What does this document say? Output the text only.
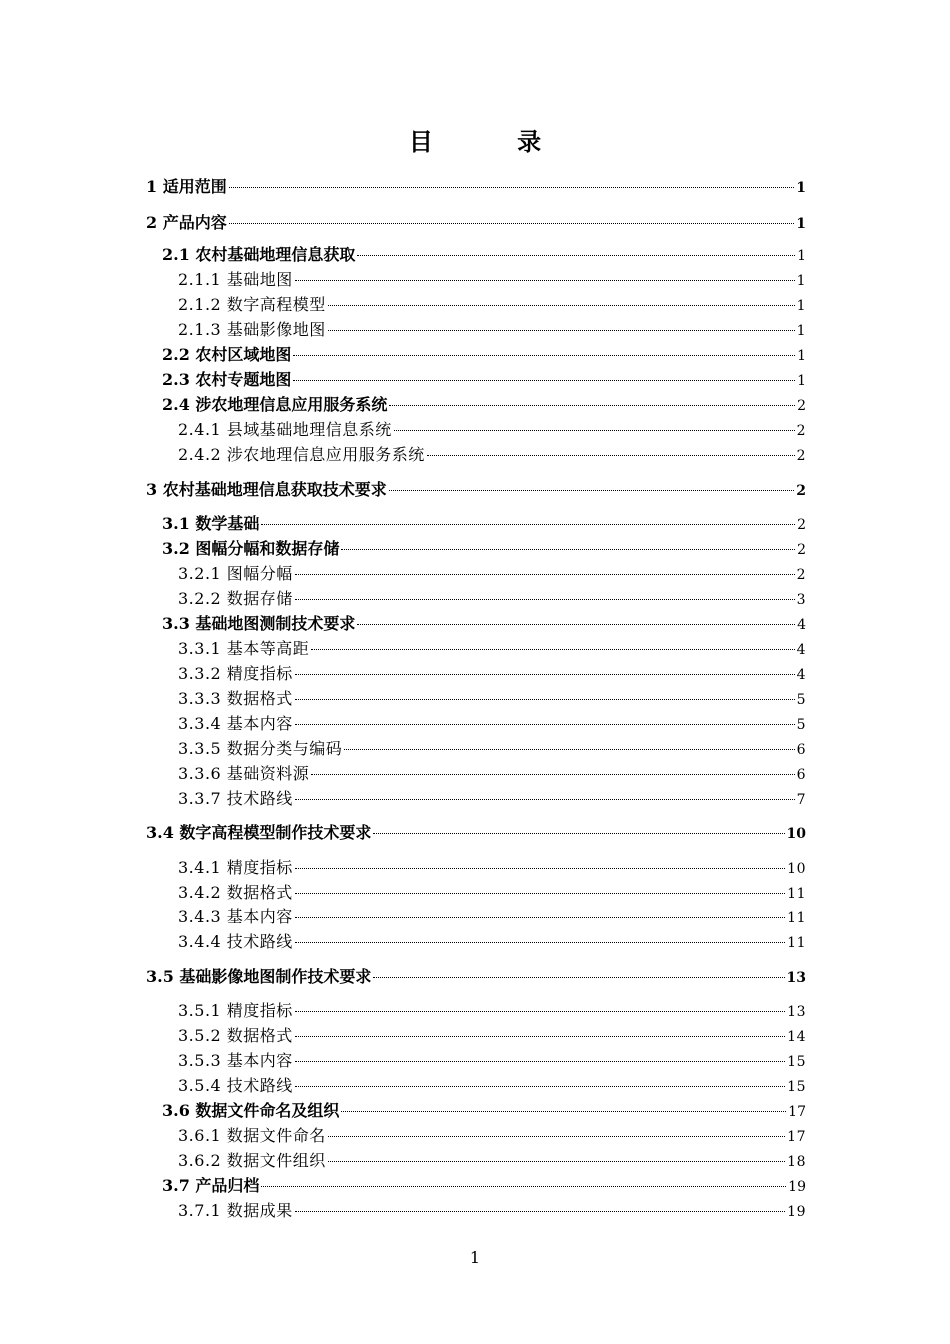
目 录
1 适用范围	1
2 产品内容	1
2.1 农村基础地理信息获取	1
2.1.1 基础地图	1
2.1.2 数字高程模型	1
2.1.3 基础影像地图	1
2.2 农村区域地图	1
2.3 农村专题地图	1
2.4 涉农地理信息应用服务系统	2
2.4.1 县域基础地理信息系统	2
2.4.2 涉农地理信息应用服务系统	2
3 农村基础地理信息获取技术要求	2
3.1 数学基础	2
3.2 图幅分幅和数据存储	2
3.2.1 图幅分幅	2
3.2.2 数据存储	3
3.3 基础地图测制技术要求	4
3.3.1 基本等高距	4
3.3.2 精度指标	4
3.3.3 数据格式	5
3.3.4 基本内容	5
3.3.5 数据分类与编码	6
3.3.6 基础资料源	6
3.3.7 技术路线	7
3.4 数字高程模型制作技术要求	10
3.4.1 精度指标	10
3.4.2 数据格式	11
3.4.3 基本内容	11
3.4.4 技术路线	11
3.5 基础影像地图制作技术要求	13
3.5.1 精度指标	13
3.5.2 数据格式	14
3.5.3 基本内容	15
3.5.4 技术路线	15
3.6 数据文件命名及组织	17
3.6.1 数据文件命名	17
3.6.2 数据文件组织	18
3.7 产品归档	19
3.7.1 数据成果	19
1
